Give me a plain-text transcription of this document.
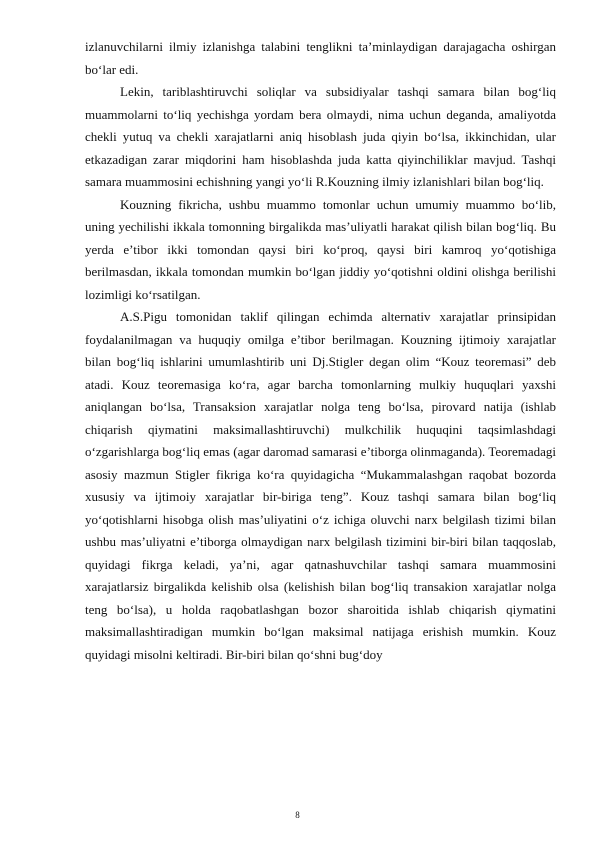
izlanuvchilarni ilmiy izlanishga talabini tenglikni ta’minlaydigan darajagacha oshirgan bo‘lar edi.

Lekin, tariblashtiruvchi soliqlar va subsidiyalar tashqi samara bilan bog‘liq muammolarni to‘liq yechishga yordam bera olmaydi, nima uchun deganda, amaliyotda chekli yutuq va chekli xarajatlarni aniq hisoblash juda qiyin bo‘lsa, ikkinchidan, ular etkazadigan zarar miqdorini ham hisoblashda juda katta qiyinchiliklar mavjud. Tashqi samara muammosini echishning yangi yo‘li R.Kouzning ilmiy izlanishlari bilan bog‘liq.

Kouzning fikricha, ushbu muammo tomonlar uchun umumiy muammo bo‘lib, uning yechilishi ikkala tomonning birgalikda mas’uliyatli harakat qilish bilan bog‘liq. Bu yerda e’tibor ikki tomondan qaysi biri ko‘proq, qaysi biri kamroq yo‘qotishiga berilmasdan, ikkala tomondan mumkin bo‘lgan jiddiy yo‘qotishni oldini olishga berilishi lozimligi ko‘rsatilgan.

A.S.Pigu tomonidan taklif qilingan echimda alternativ xarajatlar prinsipidan foydalanilmagan va huquqiy omilga e’tibor berilmagan. Kouzning ijtimoiy xarajatlar bilan bog‘liq ishlarini umumlashtirib uni Dj.Stigler degan olim “Kouz teoremasi” deb atadi. Kouz teoremasiga ko‘ra, agar barcha tomonlarning mulkiy huquqlari yaxshi aniqlangan bo‘lsa, Transaksion xarajatlar nolga teng bo‘lsa, pirovard natija (ishlab chiqarish qiymatini maksimallashtiruvchi) mulkchilik huquqini taqsimlashdagi o‘zgarishlarga bog‘liq emas (agar daromad samarasi e’tiborga olinmaganda). Teoremadagi asosiy mazmun Stigler fikriga ko‘ra quyidagicha “Mukammalashgan raqobat bozorda xususiy va ijtimoiy xarajatlar bir-biriga teng”. Kouz tashqi samara bilan bog‘liq yo‘qotishlarni hisobga olish mas’uliyatini o‘z ichiga oluvchi narx belgilash tizimi bilan ushbu mas’uliyatni e’tiborga olmaydigan narx belgilash tizimini bir-biri bilan taqqoslab, quyidagi fikrga keladi, ya’ni, agar qatnashuvchilar tashqi samara muammosini xarajatlarsiz birgalikda kelishib olsa (kelishish bilan bog‘liq transakion xarajatlar nolga teng bo‘lsa), u holda raqobatlashgan bozor sharoitida ishlab chiqarish qiymatini maksimallashtiradigan mumkin bo‘lgan maksimal natijaga erishish mumkin. Kouz quyidagi misolni keltiradi. Bir-biri bilan qo‘shni bug‘doy

8
